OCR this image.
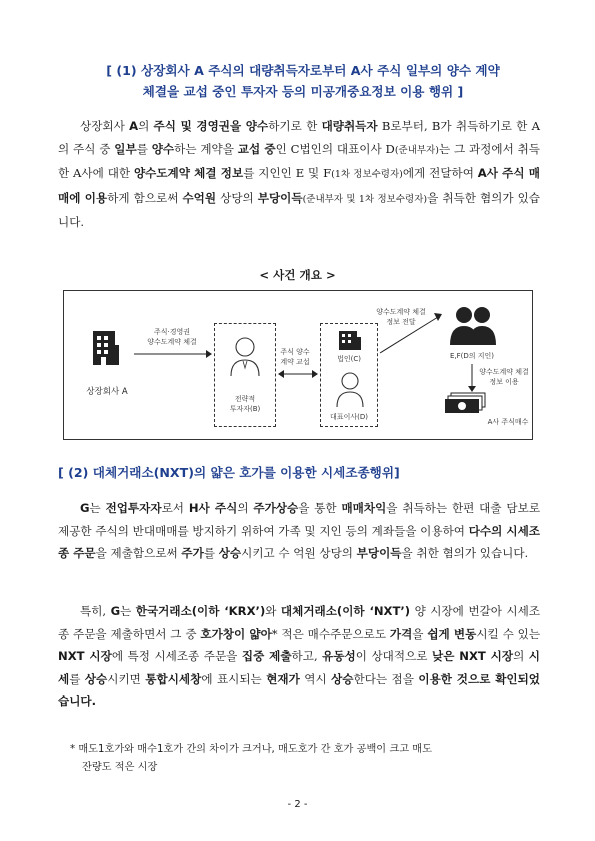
[ (1) 상장회사 A 주식의 대량취득자로부터 A사 주식 일부의 양수 계약
체결을 교섭 중인 투자자 등의 미공개중요정보 이용 행위 ]
상장회사 A의 주식 및 경영권을 양수하기로 한 대량취득자 B로부터, B가 취득하기로 한 A의 주식 중 일부를 양수하는 계약을 교섭 중인 C법인의 대표이사 D(준내부자)는 그 과정에서 취득한 A사에 대한 양수도계약 체결 정보를 지인인 E 및 F(1차 정보수령자)에게 전달하여 A사 주식 매매에 이용하게 함으로써 수억원 상당의 부당이득(준내부자 및 1차 정보수령자)을 취득한 혐의가 있습니다.
< 사건 개요 >
상장회사 A
주식·경영권
양수도계약 체결
전략적
투자자(B)
주식 양수
계약 교섭	법인(C)
대표이사(D)
양수도계약 체결
정보 전달
E,F(D의 지인)
양수도계약 체결
정보 이용
A사 주식매수
[ (2) 대체거래소(NXT)의 얇은 호가를 이용한 시세조종행위]
G는 전업투자자로서 H사 주식의 주가상승을 통한 매매차익을 취득하는 한편 대출 담보로 제공한 주식의 반대매매를 방지하기 위하여 가족 및 지인 등의 계좌들을 이용하여 다수의 시세조종 주문을 제출함으로써 주가를 상승시키고 수 억원 상당의 부당이득을 취한 혐의가 있습니다.
특히, G는 한국거래소(이하 ‘KRX’)와 대체거래소(이하 ‘NXT’) 양 시장에 번갈아 시세조종 주문을 제출하면서 그 중 호가창이 얇아* 적은 매수주문으로도 가격을 쉽게 변동시킬 수 있는 NXT 시장에 특정 시세조종 주문을 집중 제출하고, 유동성이 상대적으로 낮은 NXT 시장의 시세를 상승시키면 통합시세창에 표시되는 현재가 역시 상승한다는 점을 이용한 것으로 확인되었습니다.
* 매도1호가와 매수1호가 간의 차이가 크거나, 매도호가 간 호가 공백이 크고 매도
잔량도 적은 시장
- 2 -
